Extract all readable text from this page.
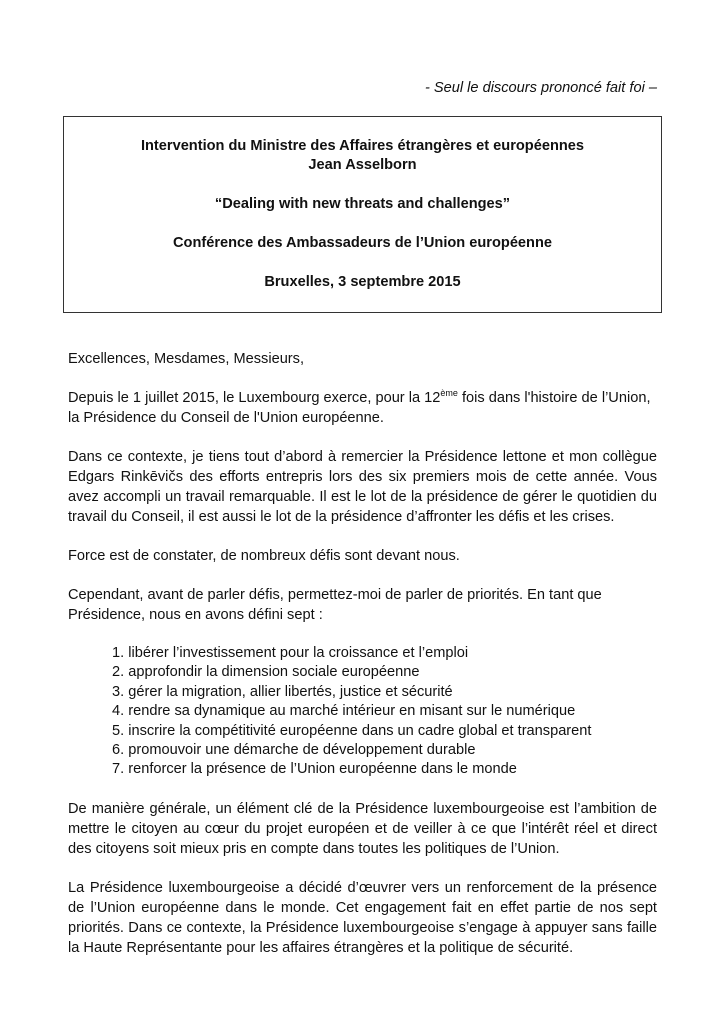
- Seul le discours prononcé fait foi –
Intervention du Ministre des Affaires étrangères et européennes
Jean Asselborn
“Dealing with new threats and challenges”
Conférence des Ambassadeurs de l’Union européenne
Bruxelles, 3 septembre 2015

Excellences, Mesdames, Messieurs,

Depuis le 1 juillet 2015, le Luxembourg exerce, pour la 12ème fois dans l'histoire de l’Union, la Présidence du Conseil de l'Union européenne.

Dans ce contexte, je tiens tout d’abord à remercier la Présidence lettone et mon collègue Edgars Rinkēvičs des efforts entrepris lors des six premiers mois de cette année. Vous avez accompli un travail remarquable. Il est le lot de la présidence de gérer le quotidien du travail du Conseil, il est aussi le lot de la présidence d’affronter les défis et les crises.

Force est de constater, de nombreux défis sont devant nous.

Cependant, avant de parler défis, permettez-moi de parler de priorités. En tant que Présidence, nous en avons défini sept :

1. libérer l’investissement pour la croissance et l’emploi
2. approfondir la dimension sociale européenne
3. gérer la migration, allier libertés, justice et sécurité
4. rendre sa dynamique au marché intérieur en misant sur le numérique
5. inscrire la compétitivité européenne dans un cadre global et transparent
6. promouvoir une démarche de développement durable
7. renforcer la présence de l’Union européenne dans le monde

De manière générale, un élément clé de la Présidence luxembourgeoise est l’ambition de mettre le citoyen au cœur du projet européen et de veiller à ce que l’intérêt réel et direct des citoyens soit mieux pris en compte dans toutes les politiques de l’Union.

La Présidence luxembourgeoise a décidé d’œuvrer vers un renforcement de la présence de l’Union européenne dans le monde. Cet engagement fait en effet partie de nos sept priorités. Dans ce contexte, la Présidence luxembourgeoise s’engage à appuyer sans faille la Haute Représentante pour les affaires étrangères et la politique de sécurité.
